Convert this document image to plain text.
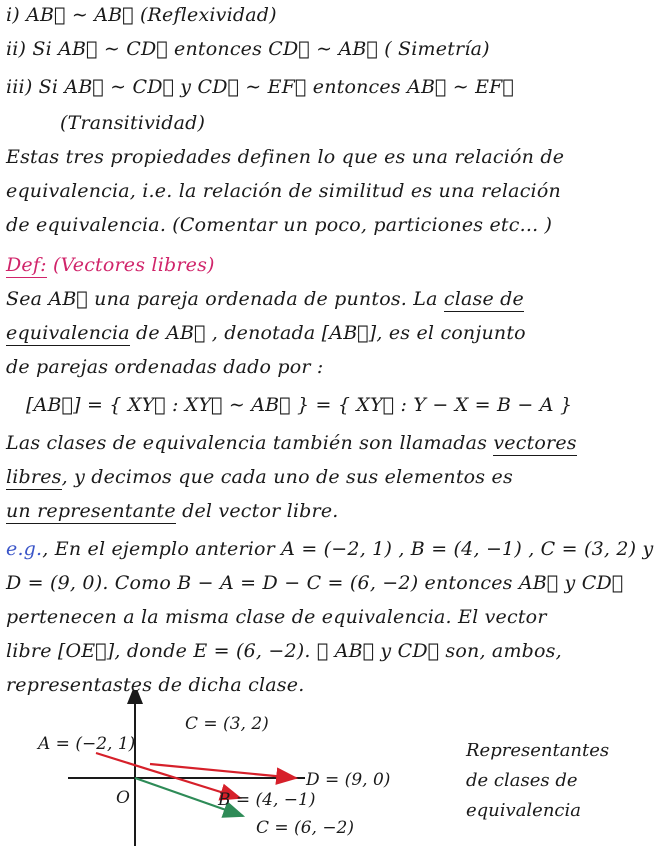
i) AB⃗ ∼ AB⃗ (Reflexividad)
ii) Si AB⃗ ∼ CD⃗ entonces CD⃗ ∼ AB⃗ ( Simetría)
iii) Si AB⃗ ∼ CD⃗ y CD⃗ ∼ EF⃗ entonces AB⃗ ∼ EF⃗
(Transitividad)
Estas tres propiedades definen lo que es una relación de
equivalencia, i.e. la relación de similitud es una relación
de equivalencia. (Comentar un poco, particiones etc... )
Def: (Vectores libres)
Sea AB⃗ una pareja ordenada de puntos. La clase de
equivalencia de AB⃗ , denotada [AB⃗], es el conjunto
de parejas ordenadas dado por :
[AB⃗] = { XY⃗ : XY⃗ ∼ AB⃗ } = { XY⃗ : Y − X = B − A }
Las clases de equivalencia también son llamadas vectores
libres, y decimos que cada uno de sus elementos es
un representante del vector libre.
e.g., En el ejemplo anterior A = (−2, 1) , B = (4, −1) , C = (3, 2) y
D = (9, 0). Como B − A = D − C = (6, −2) entonces AB⃗ y CD⃗
pertenecen a la misma clase de equivalencia. El vector
libre [OE⃗], donde E = (6, −2). ∴ AB⃗ y CD⃗ son, ambos,
representastes de dicha clase.
A = (−2, 1)
C = (3, 2)
D = (9, 0)
O	B = (4, −1)
C = (6, −2)
Representantes
de clases de
equivalencia
